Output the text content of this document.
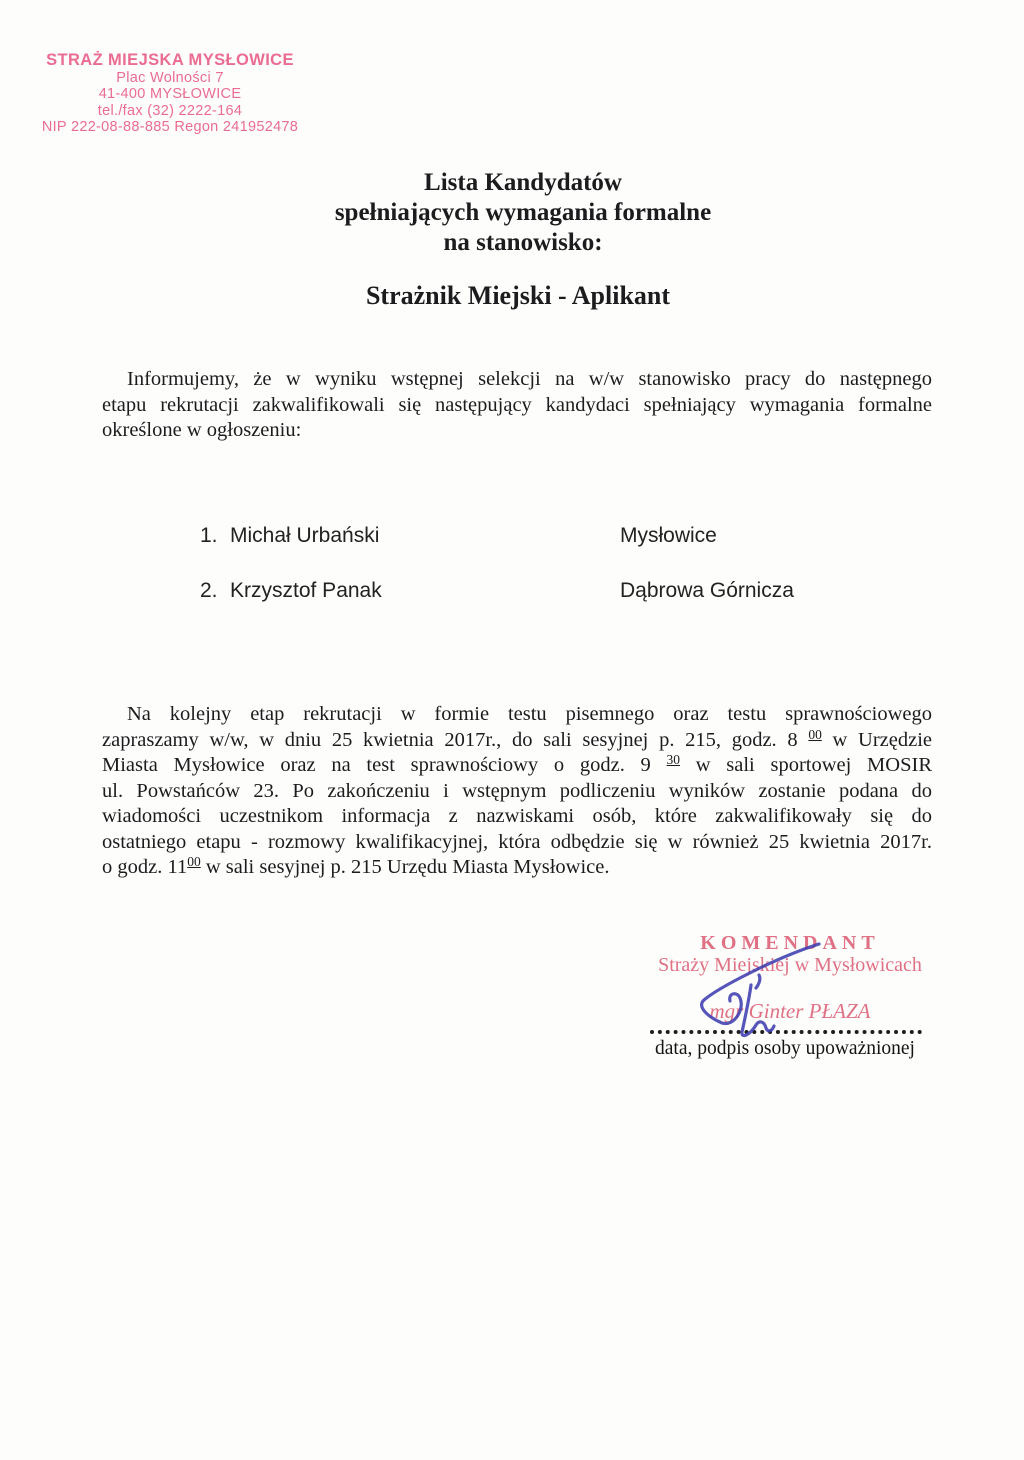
STRAŻ MIEJSKA MYSŁOWICE
Plac Wolności 7
41-400 MYSŁOWICE
tel./fax (32) 2222-164
NIP 222-08-88-885 Regon 241952478
Lista Kandydatów
spełniających wymagania formalne
na stanowisko:
Strażnik Miejski - Aplikant
Informujemy, że w wyniku wstępnej selekcji na w/w stanowisko pracy do następnego
etapu rekrutacji zakwalifikowali się następujący kandydaci spełniający wymagania formalne
określone w ogłoszeniu:
1. Michał Urbański	Mysłowice
2. Krzysztof Panak	Dąbrowa Górnicza
Na kolejny etap rekrutacji w formie testu pisemnego oraz testu sprawnościowego
zapraszamy w/w, w dniu 25 kwietnia 2017r., do sali sesyjnej p. 215, godz. 8 00 w Urzędzie
Miasta Mysłowice oraz na test sprawnościowy o godz. 9 30 w sali sportowej MOSIR
ul. Powstańców 23. Po zakończeniu i wstępnym podliczeniu wyników zostanie podana do
wiadomości uczestnikom informacja z nazwiskami osób, które zakwalifikowały się do
ostatniego etapu - rozmowy kwalifikacyjnej, która odbędzie się w również 25 kwietnia 2017r.
o godz. 1100 w sali sesyjnej p. 215 Urzędu Miasta Mysłowice.
KOMENDANT
Straży Miejskiej w Mysłowicach
mgr Ginter PŁAZA
data, podpis osoby upoważnionej
